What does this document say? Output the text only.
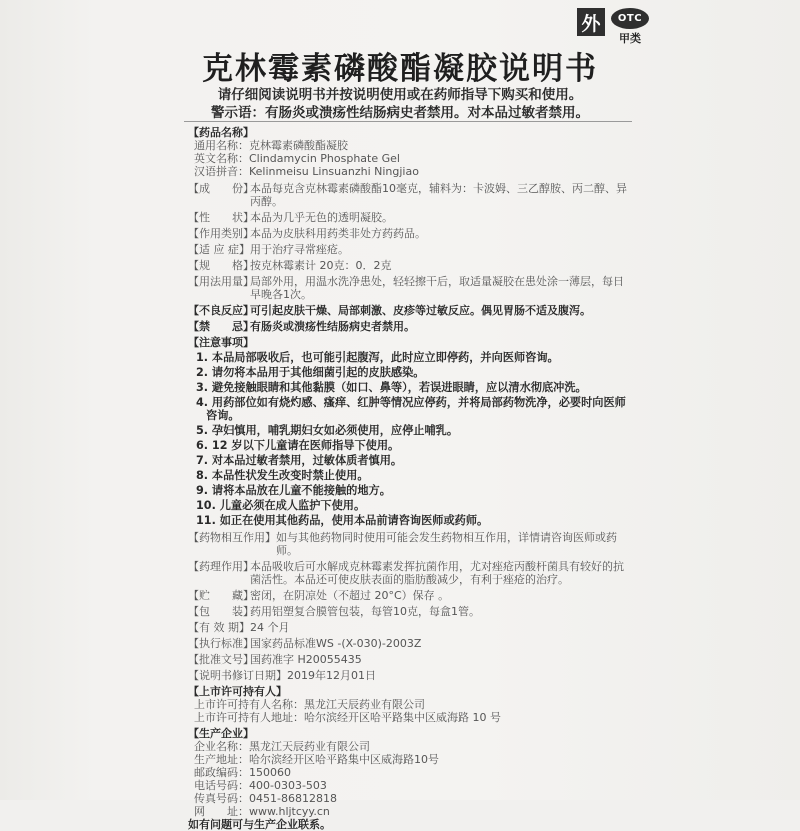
外	OTC
甲类
克林霉素磷酸酯凝胶说明书
请仔细阅读说明书并按说明使用或在药师指导下购买和使用。
警示语：有肠炎或溃疡性结肠病史者禁用。对本品过敏者禁用。
【药品名称】
通用名称： 克林霉素磷酸酯凝胶
英文名称： Clindamycin Phosphate Gel
汉语拼音： Kelinmeisu Linsuanzhi Ningjiao
【成　　份】
本品每克含克林霉素磷酸酯10毫克，辅料为：卡波姆、三乙醇胺、丙二醇、异丙醇。
【性　　状】
本品为几乎无色的透明凝胶。
【作用类别】
本品为皮肤科用药类非处方药药品。
【适 应 症】 用于治疗寻常痤疮。
【规　　格】
按克林霉素计 20克：0．2克
【用法用量】
局部外用，用温水洗净患处，轻轻擦干后，取适量凝胶在患处涂一薄层，每日早晚各1次。
【不良反应】
可引起皮肤干燥、局部刺激、皮疹等过敏反应。偶见胃肠不适及腹泻。
【禁　　忌】
有肠炎或溃疡性结肠病史者禁用。
【注意事项】
1. 本品局部吸收后，也可能引起腹泻，此时应立即停药，并向医师咨询。
2. 请勿将本品用于其他细菌引起的皮肤感染。
3. 避免接触眼睛和其他黏膜（如口、鼻等），若误进眼睛，应以清水彻底冲洗。
4. 用药部位如有烧灼感、瘙痒、红肿等情况应停药，并将局部药物洗净，必要时向医师咨询。
5. 孕妇慎用，哺乳期妇女如必须使用，应停止哺乳。
6. 12 岁以下儿童请在医师指导下使用。
7. 对本品过敏者禁用，过敏体质者慎用。
8. 本品性状发生改变时禁止使用。
9. 请将本品放在儿童不能接触的地方。
10. 儿童必须在成人监护下使用。
11. 如正在使用其他药品，使用本品前请咨询医师或药师。
【药物相互作用】 如与其他药物同时使用可能会发生药物相互作用，详情请咨询医师或药师。
【药理作用】
本品吸收后可水解成克林霉素发挥抗菌作用，尤对痤疮丙酸杆菌具有较好的抗菌活性。本品还可使皮肤表面的脂肪酸减少，有利于痤疮的治疗。
【贮　　藏】
密闭，在阴凉处（不超过 20°C）保存 。
【包　　装】
药用铝塑复合膜管包装，每管10克，每盒1管。
【有 效 期】 24 个月
【执行标准】
国家药品标准WS -(X-030)-2003Z
【批准文号】
国药准字 H20055435
【说明书修订日期】 2019年12月01日
【上市许可持有人】
上市许可持有人名称： 黑龙江天辰药业有限公司
上市许可持有人地址： 哈尔滨经开区哈平路集中区威海路 10 号
【生产企业】
企业名称： 黑龙江天辰药业有限公司
生产地址： 哈尔滨经开区哈平路集中区威海路10号
邮政编码： 150060
电话号码： 400-0303-503
传真号码： 0451-86812818
网　　址： www.hljtcyy.cn
如有问题可与生产企业联系。
